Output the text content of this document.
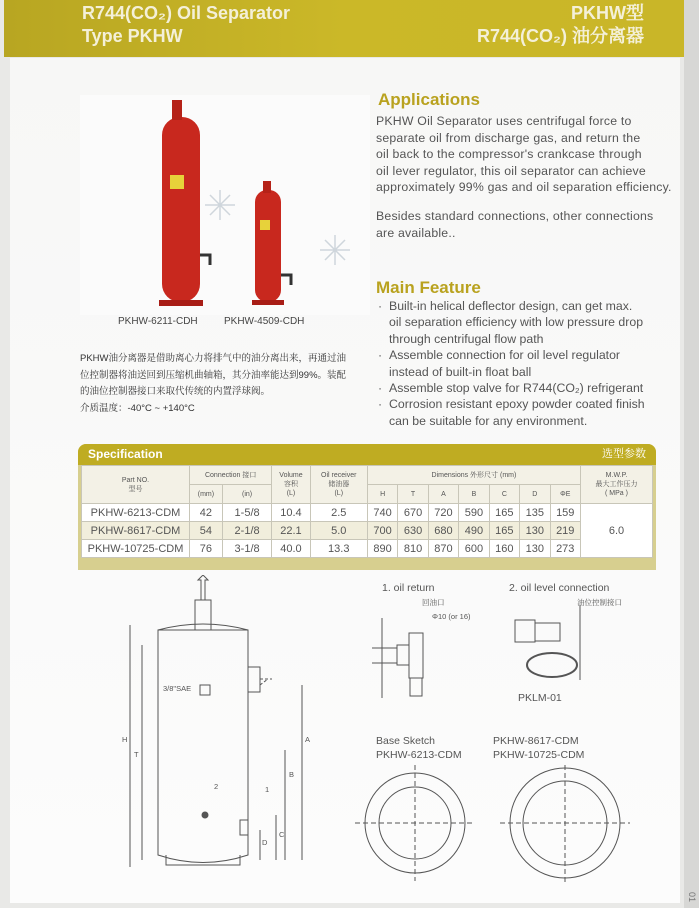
01
R744(CO₂) Oil Separator
Type PKHW
PKHW型
R744(CO₂) 油分离器
PKHW-6211-CDH	PKHW-4509-CDH
Applications
PKHW Oil Separator uses centrifugal force to
separate oil from discharge gas, and return the
oil back to the compressor's crankcase through
oil lever regulator, this oil separator can achieve
approximately 99% gas and oil separation efficiency.
Besides standard connections, other connections
are available..
Main Feature
· Built-in helical deflector design, can get max.
oil separation efficiency with low pressure drop
through centrifugal flow path
· Assemble connection for oil level regulator
instead of built-in float ball
· Assemble stop valve for R744(CO₂) refrigerant
· Corrosion resistant epoxy powder coated finish
can be suitable for any environment.
PKHW油分离器是借助离心力将排气中的油分离出来，再通过油
位控制器将油送回到压缩机曲轴箱，其分油率能达到99%。装配
的油位控制器接口来取代传统的内置浮球阀。
介质温度：-40°C ~ +140°C
Specification	选型参数
Part NO.
型号	Connection 接口		Volume
容积
(L)	Oil receiver
储油器
(L)	Dimensions 外形尺寸 (mm)							M.W.P.
最大工作压力
( MPa )
	(mm)	(in)			H	T	A	B	C	D	ΦE	
PKHW-6213-CDM	42	1-5/8	10.4	2.5	740	670	720	590	165	135	159	6.0
PKHW-8617-CDM	54	2-1/8	22.1	5.0	700	630	680	490	165	130	219	
PKHW-10725-CDM	76	3-1/8	40.0	13.3	890	810	870	600	160	130	273	
3/8"SAE
H
T
A
B
C
D
1
2
1. oil return
回油口
Φ10 (or 16)
2. oil level connection
油位控制接口
PKLM-01
Base Sketch
PKHW-6213-CDM
PKHW-8617-CDM
PKHW-10725-CDM
